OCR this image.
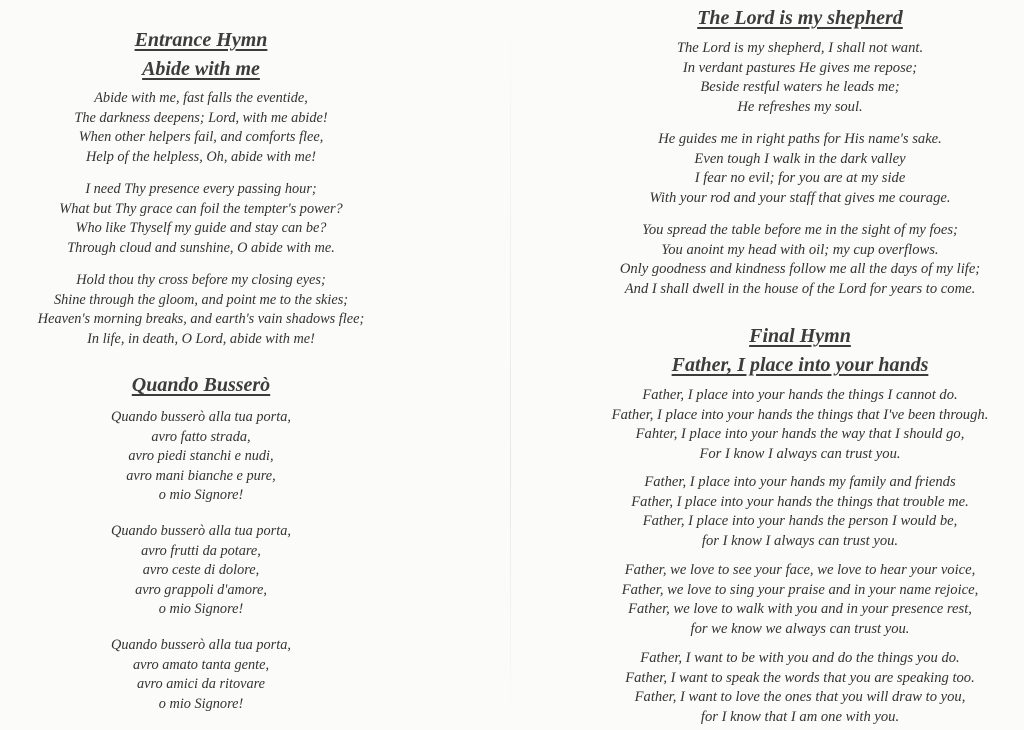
Entrance Hymn
Abide with me
Abide with me, fast falls the eventide,
The darkness deepens; Lord, with me abide!
When other helpers fail, and comforts flee,
Help of the helpless, Oh, abide with me!
I need Thy presence every passing hour;
What but Thy grace can foil the tempter's power?
Who like Thyself my guide and stay can be?
Through cloud and sunshine, O abide with me.
Hold thou thy cross before my closing eyes;
Shine through the gloom, and point me to the skies;
Heaven's morning breaks, and earth's vain shadows flee;
In life, in death, O Lord, abide with me!
Quando Busserò
Quando busserò alla tua porta,
avro fatto strada,
avro piedi stanchi e nudi,
avro mani bianche e pure,
o mio Signore!
Quando busserò alla tua porta,
avro frutti da potare,
avro ceste di dolore,
avro grappoli d'amore,
o mio Signore!
Quando busserò alla tua porta,
avro amato tanta gente,
avro amici da ritovare
o mio Signore!
The Lord is my shepherd
The Lord is my shepherd, I shall not want.
In verdant pastures He gives me repose;
Beside restful waters he leads me;
He refreshes my soul.
He guides me in right paths for His name's sake.
Even tough I walk in the dark valley
I fear no evil; for you are at my side
With your rod and your staff that gives me courage.
You spread the table before me in the sight of my foes;
You anoint my head with oil; my cup overflows.
Only goodness and kindness follow me all the days of my life;
And I shall dwell in the house of the Lord for years to come.
Final Hymn
Father, I place into your hands
Father, I place into your hands the things I cannot do.
Father, I place into your hands the things that I've been through.
Fahter, I place into your hands the way that I should go,
For I know I always can trust you.
Father, I place into your hands my family and friends
Father, I place into your hands the things that trouble me.
Father, I place into your hands the person I would be,
for I know I always can trust you.
Father, we love to see your face, we love to hear your voice,
Father, we love to sing your praise and in your name rejoice,
Father, we love to walk with you and in your presence rest,
for we know we always can trust you.
Father, I want to be with you and do the things you do.
Father, I want to speak the words that you are speaking too.
Father, I want to love the ones that you will draw to you,
for I know that I am one with you.
